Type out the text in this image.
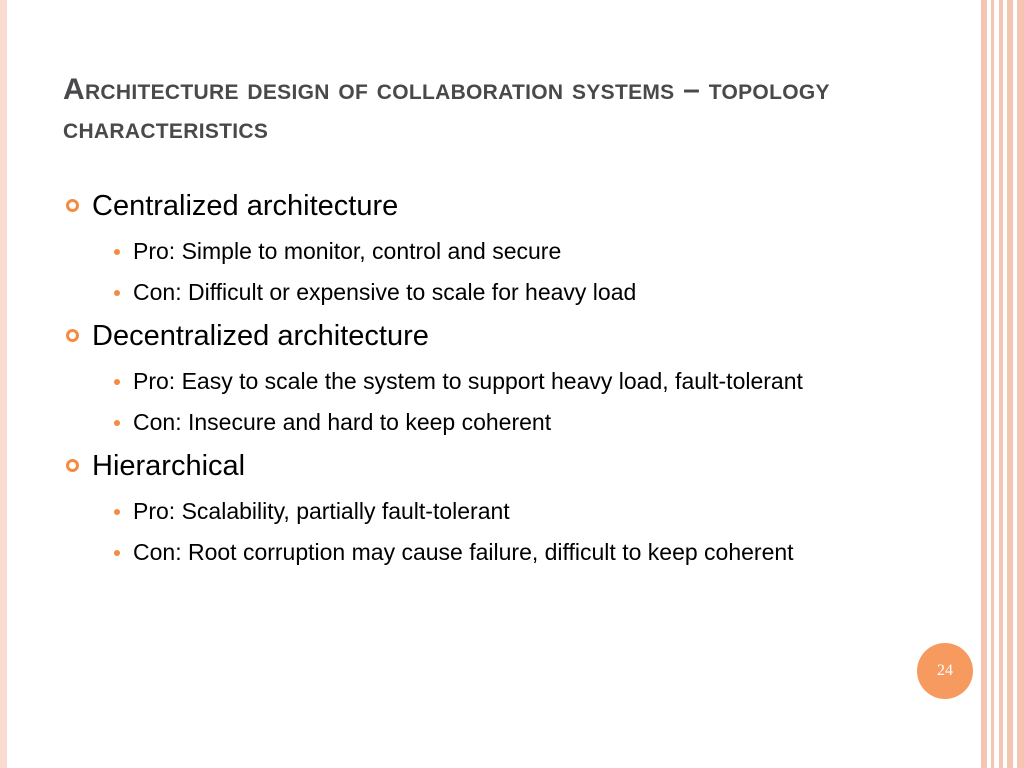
Architecture design of collaboration systems – topology characteristics
Centralized architecture
Pro: Simple to monitor, control and secure
Con: Difficult or expensive to scale for heavy load
Decentralized architecture
Pro: Easy to scale the system to support heavy load, fault-tolerant
Con: Insecure and hard to keep coherent
Hierarchical
Pro: Scalability, partially fault-tolerant
Con: Root corruption may cause failure, difficult to keep coherent
24
